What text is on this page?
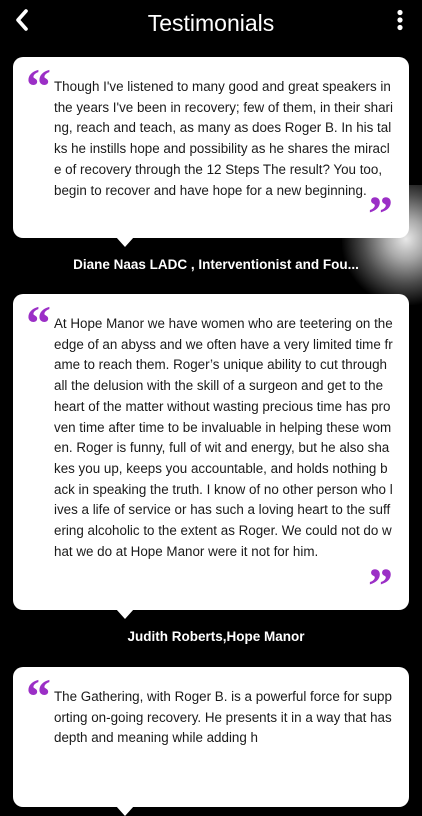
Testimonials
“ Though I've listened to many good and great speakers in the years I've been in recovery; few of them, in their sharing, reach and teach, as many as does Roger B. In his talks he instills hope and possibility as he shares the miracle of recovery through the 12 Steps The result? You too, begin to recover and have hope for a new beginning. ”
Diane Naas LADC , Interventionist and Fou...
“ At Hope Manor we have women who are teetering on the edge of an abyss and we often have a very limited time frame to reach them. Roger’s unique ability to cut through all the delusion with the skill of a surgeon and get to the heart of the matter without wasting precious time has proven time after time to be invaluable in helping these women. Roger is funny, full of wit and energy, but he also shakes you up, keeps you accountable, and holds nothing back in speaking the truth. I know of no other person who lives a life of service or has such a loving heart to the suffering alcoholic to the extent as Roger. We could not do what we do at Hope Manor were it not for him.
”
Judith Roberts,Hope Manor
“ The Gathering, with Roger B. is a powerful force for supporting on-going recovery. He presents it in a way that has depth and meaning while adding h
